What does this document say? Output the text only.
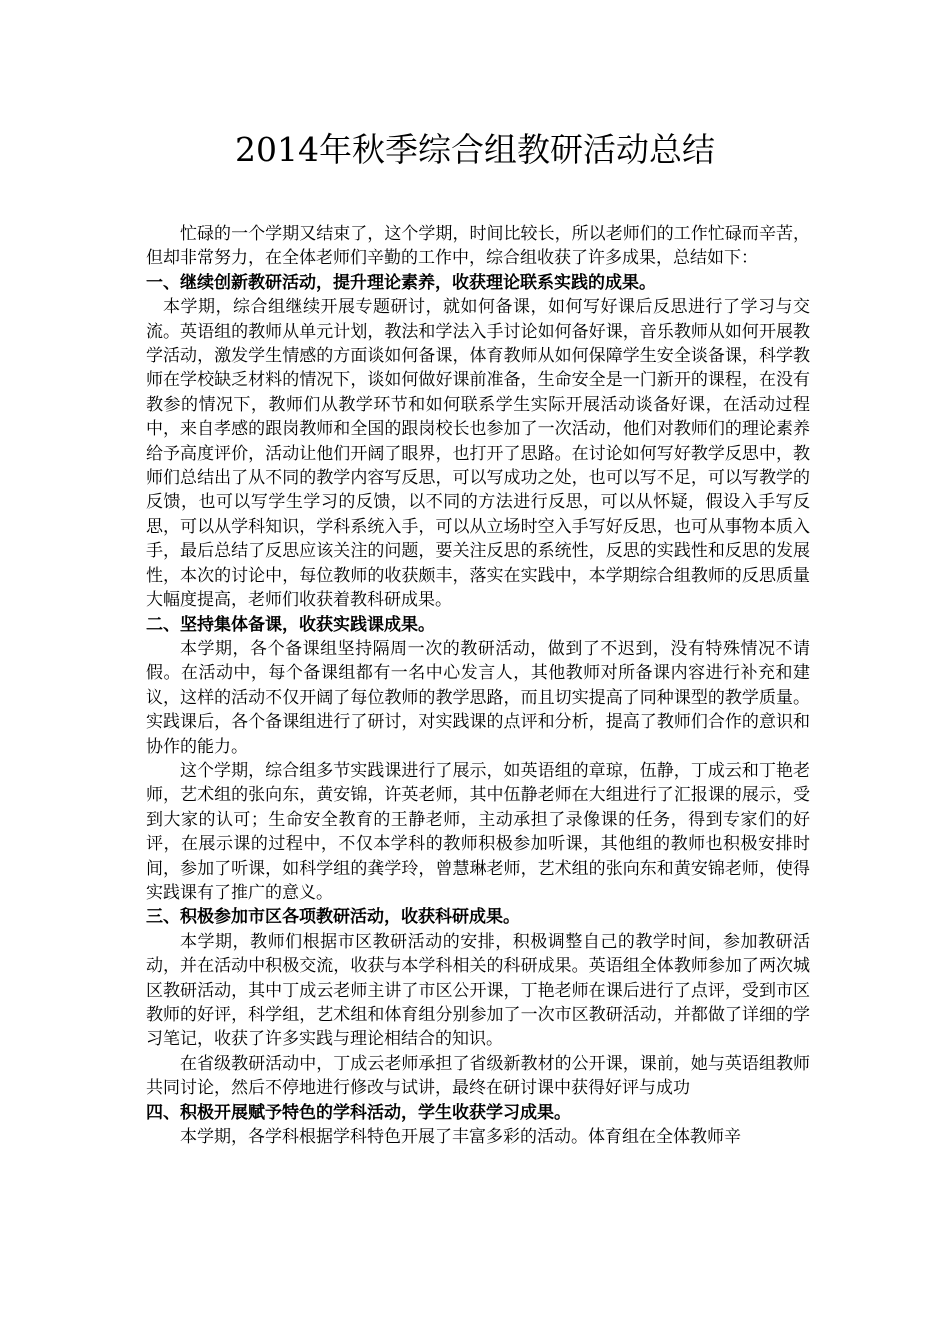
2014年秋季综合组教研活动总结

忙碌的一个学期又结束了，这个学期，时间比较长，所以老师们的工作忙碌而辛苦，但却非常努力，在全体老师们辛勤的工作中，综合组收获了许多成果，总结如下：

一、继续创新教研活动，提升理论素养，收获理论联系实践的成果。

本学期，综合组继续开展专题研讨，就如何备课，如何写好课后反思进行了学习与交流。英语组的教师从单元计划，教法和学法入手讨论如何备好课，音乐教师从如何开展教学活动，激发学生情感的方面谈如何备课，体育教师从如何保障学生安全谈备课，科学教师在学校缺乏材料的情况下，谈如何做好课前准备，生命安全是一门新开的课程，在没有教参的情况下，教师们从教学环节和如何联系学生实际开展活动谈备好课，在活动过程中，来自孝感的跟岗教师和全国的跟岗校长也参加了一次活动，他们对教师们的理论素养给予高度评价，活动让他们开阔了眼界，也打开了思路。在讨论如何写好教学反思中，教师们总结出了从不同的教学内容写反思，可以写成功之处，也可以写不足，可以写教学的反馈，也可以写学生学习的反馈，以不同的方法进行反思，可以从怀疑，假设入手写反思，可以从学科知识，学科系统入手，可以从立场时空入手写好反思，也可从事物本质入手，最后总结了反思应该关注的问题，要关注反思的系统性，反思的实践性和反思的发展性，本次的讨论中，每位教师的收获颇丰，落实在实践中，本学期综合组教师的反思质量大幅度提高，老师们收获着教科研成果。

二、坚持集体备课，收获实践课成果。

本学期，各个备课组坚持隔周一次的教研活动，做到了不迟到，没有特殊情况不请假。在活动中，每个备课组都有一名中心发言人，其他教师对所备课内容进行补充和建议，这样的活动不仅开阔了每位教师的教学思路，而且切实提高了同种课型的教学质量。实践课后，各个备课组进行了研讨，对实践课的点评和分析，提高了教师们合作的意识和协作的能力。

这个学期，综合组多节实践课进行了展示，如英语组的章琼，伍静，丁成云和丁艳老师，艺术组的张向东，黄安锦，许英老师，其中伍静老师在大组进行了汇报课的展示，受到大家的认可；生命安全教育的王静老师，主动承担了录像课的任务，得到专家们的好评，在展示课的过程中，不仅本学科的教师积极参加听课，其他组的教师也积极安排时间，参加了听课，如科学组的龚学玲，曾慧琳老师，艺术组的张向东和黄安锦老师，使得实践课有了推广的意义。

三、积极参加市区各项教研活动，收获科研成果。

本学期，教师们根据市区教研活动的安排，积极调整自己的教学时间，参加教研活动，并在活动中积极交流，收获与本学科相关的科研成果。英语组全体教师参加了两次城区教研活动，其中丁成云老师主讲了市区公开课，丁艳老师在课后进行了点评，受到市区教师的好评，科学组，艺术组和体育组分别参加了一次市区教研活动，并都做了详细的学习笔记，收获了许多实践与理论相结合的知识。

在省级教研活动中，丁成云老师承担了省级新教材的公开课，课前，她与英语组教师共同讨论，然后不停地进行修改与试讲，最终在研讨课中获得好评与成功

四、积极开展赋予特色的学科活动，学生收获学习成果。

本学期，各学科根据学科特色开展了丰富多彩的活动。体育组在全体教师辛
